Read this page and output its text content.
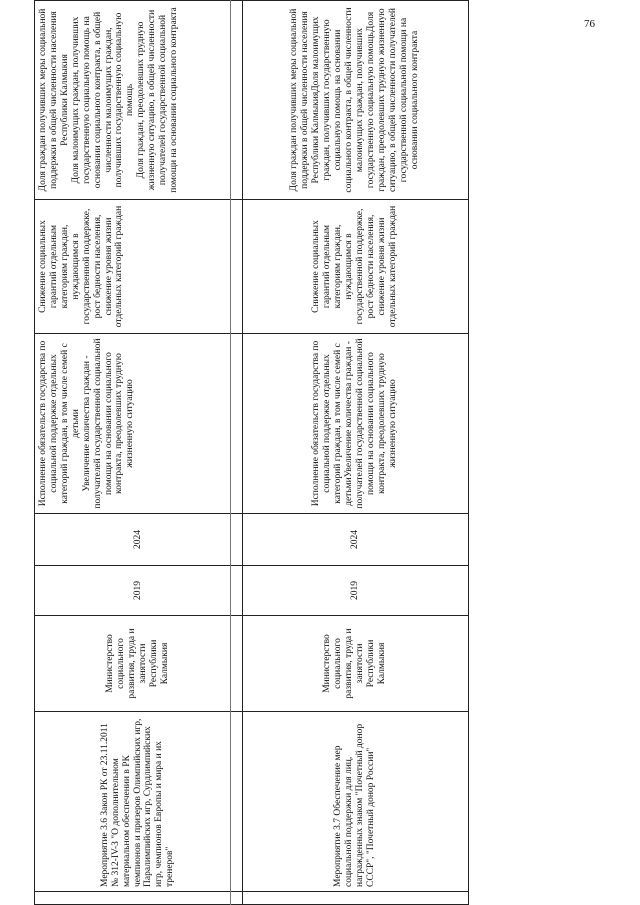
76
Мероприятие 3.6 Закон РК от 23.11.2011 № 312-IV-З "О дополнительном материальном обеспечении в РК чемпионов и призеров Олимпийских игр, Паралимпийских игр, Сурдлимпийских игр, чемпионов Европы и мира и их тренеров"
Министерство социального развития, труда и занятости Республики Калмыкия
2019
2024
Исполнение обязательств государства по социальной поддержке отдельных категорий граждан, в том числе семей с детьми
Увеличение количества граждан - получателей государственной социальной помощи на основании социального контракта, преодолевших трудную жизненную ситуацию
Снижение социальных гарантий отдельным категориям граждан, нуждающимся в государственной поддержке, рост бедности населения, снижение уровня жизни отдельных категорий граждан
Доля граждан получивших меры социальной поддержки в общей численности населения Республики Калмыкия
Доля малоимущих граждан, получивших государственную социальную помощь на основании социального контракта, в общей численности малоимущих граждан, получивших государственную социальную помощь
Доля граждан, преодолевших трудную жизненную ситуацию, в общей численности получателей государственной социальной помощи на основании социального контракта
Мероприятие 3.7 Обеспечение мер социальной поддержки для лиц, награжденных знаком "Почетный донор СССР", "Почетный донор России"
Министерство социального развития, труда и занятости Республики Калмыкия
2019
2024
Исполнение обязательств государства по социальной поддержке отдельных категорий граждан, в том числе семей с детьмиУвеличение количества граждан - получателей государственной социальной помощи на основании социального контракта, преодолевших трудную жизненную ситуацию
Снижение социальных гарантий отдельным категориям граждан, нуждающимся в государственной поддержке, рост бедности населения, снижение уровня жизни отдельных категорий граждан
Доля граждан получивших меры социальной поддержки в общей численности населения Республики КалмыкияДоля малоимущих граждан, получивших государственную социальную помощь на основании социального контракта, в общей численности малоимущих граждан, получивших государственную социальную помощьДоля граждан, преодолевших трудную жизненную ситуацию, в общей численности получателей государственной социальной помощи на основании социального контракта
